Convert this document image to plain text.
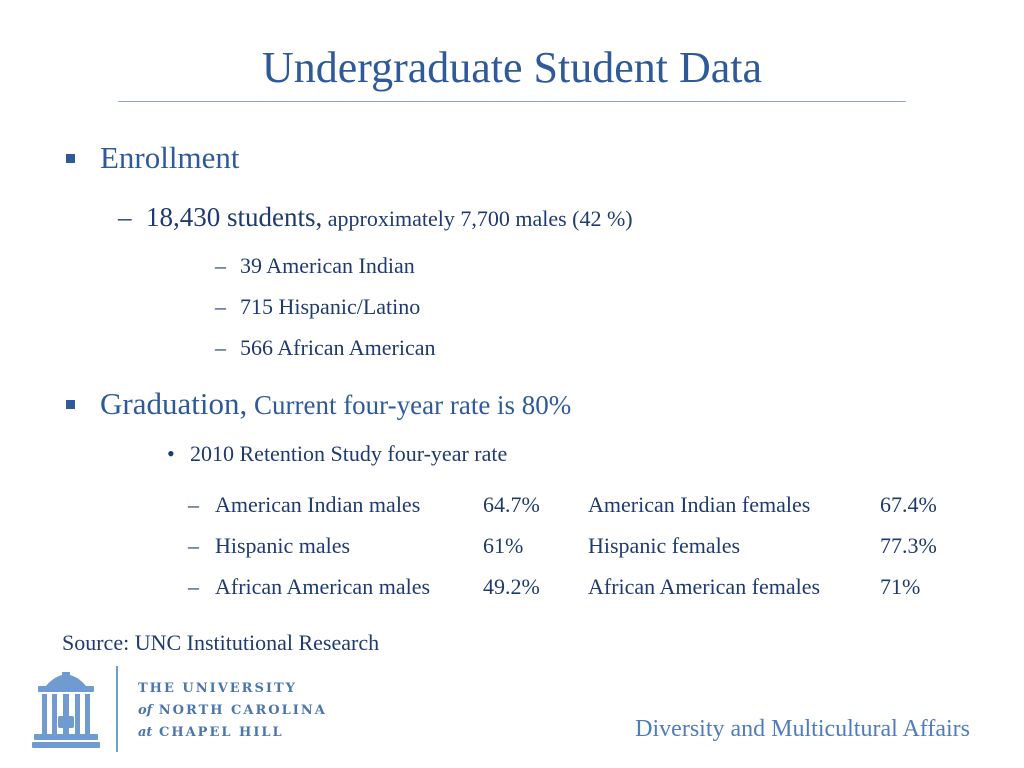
Undergraduate Student Data
Enrollment
– 18,430 students, approximately 7,700 males (42 %)
– 39 American Indian
– 715 Hispanic/Latino
– 566 African American
Graduation, Current four-year rate is 80%
• 2010 Retention Study four-year rate
– American Indian males	64.7% American Indian females	67.4%
– Hispanic males	61%	Hispanic females	77.3%
– African American males 49.2% African American females	71%
Source: UNC Institutional Research
THE UNIVERSITY
of NORTH CAROLINA
at CHAPEL HILL	Diversity and Multicultural Affairs
